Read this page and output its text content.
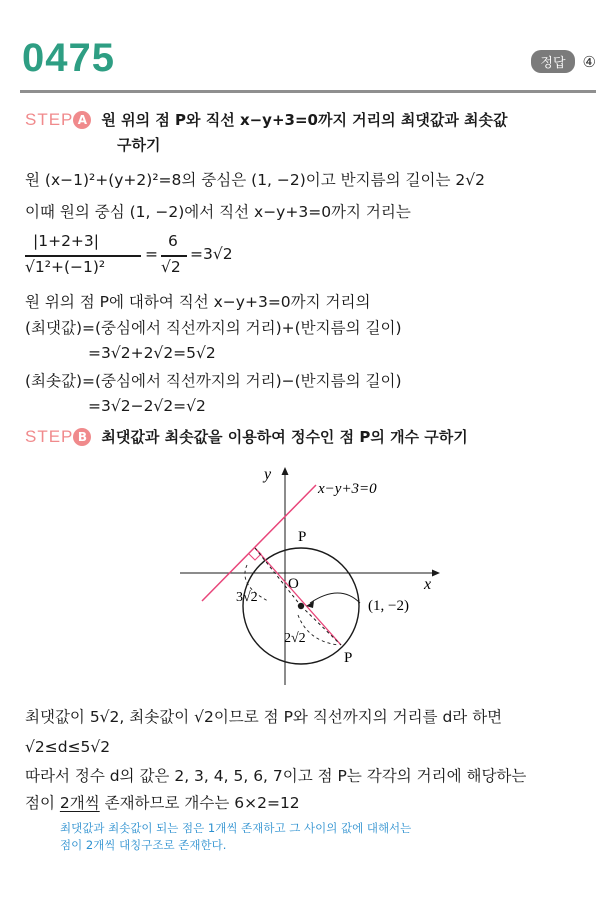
0475	정답	④
STEP A 원 위의 점 P와 직선 x−y+3=0까지 거리의 최댓값과 최솟값
구하기
원 (x−1)²+(y+2)²=8의 중심은 (1, −2)이고 반지름의 길이는 2√2
이때 원의 중심 (1, −2)에서 직선 x−y+3=0까지 거리는
|1+2+3|
√1²+(−1)²
=
6
√2
=3√2
원 위의 점 P에 대하여 직선 x−y+3=0까지 거리의
(최댓값)=(중심에서 직선까지의 거리)+(반지름의 길이)
=3√2+2√2=5√2
(최솟값)=(중심에서 직선까지의 거리)−(반지름의 길이)
=3√2−2√2=√2
STEP B 최댓값과 최솟값을 이용하여 정수인 점 P의 개수 구하기
y
x
O
x−y+3=0
P
P
(1, −2)
3√2
2√2
최댓값이 5√2, 최솟값이 √2이므로 점 P와 직선까지의 거리를 d라 하면
√2≤d≤5√2
따라서 정수 d의 값은 2, 3, 4, 5, 6, 7이고 점 P는 각각의 거리에 해당하는
점이 2개씩 존재하므로 개수는 6×2=12
최댓값과 최솟값이 되는 점은 1개씩 존재하고 그 사이의 값에 대해서는
점이 2개씩 대칭구조로 존재한다.
